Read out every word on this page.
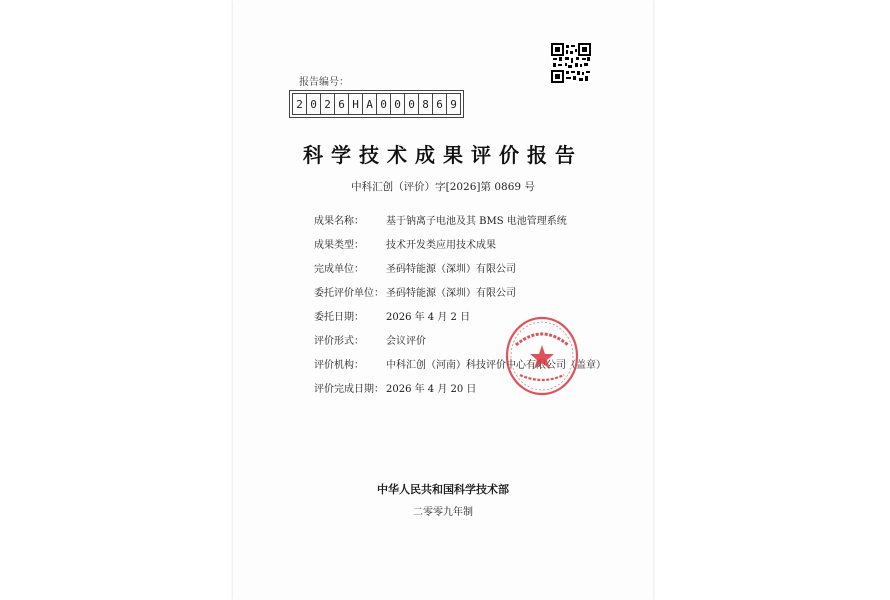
报告编号：
2 0 2 6 H A 0 0 0 8 6 9
科学技术成果评价报告
中科汇创（评价）字[2026]第 0869 号
成果名称： 基于钠离子电池及其 BMS 电池管理系统
成果类型： 技术开发类应用技术成果
完成单位： 圣码特能源（深圳）有限公司
委托评价单位： 圣码特能源（深圳）有限公司
委托日期： 2026 年 4 月 2 日
评价形式： 会议评价
评价机构： 中科汇创（河南）科技评价中心有限公司（盖章）
评价完成日期： 2026 年 4 月 20 日
中华人民共和国科学技术部
二零零九年制
